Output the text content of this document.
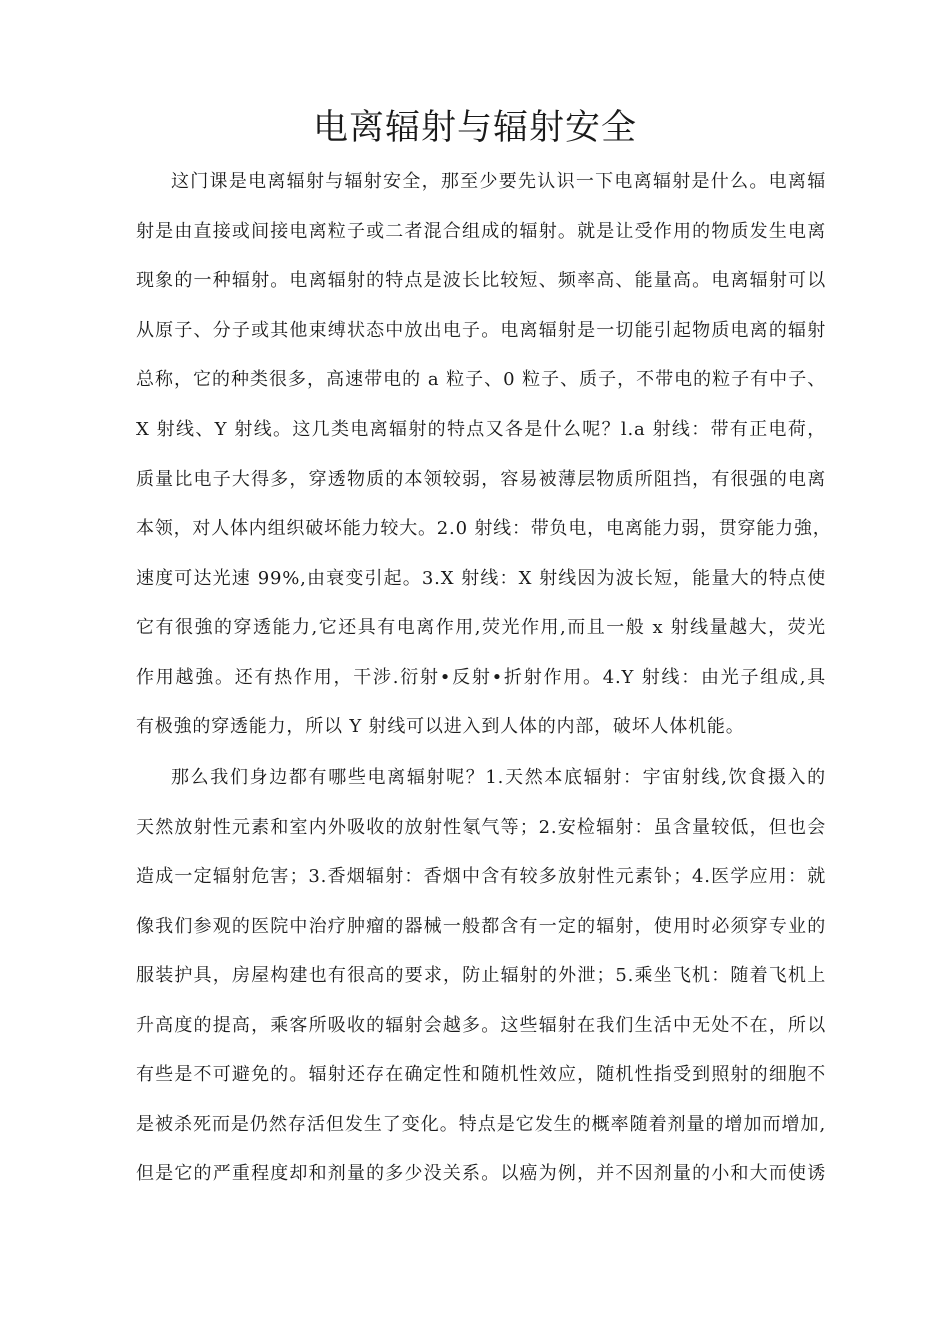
电离辐射与辐射安全
这门课是电离辐射与辐射安全，那至少要先认识一下电离辐射是什么。电离辐
射是由直接或间接电离粒子或二者混合组成的辐射。就是让受作用的物质发生电离
现象的一种辐射。电离辐射的特点是波长比较短、频率高、能量高。电离辐射可以
从原子、分子或其他束缚状态中放出电子。电离辐射是一切能引起物质电离的辐射
总称，它的种类很多，高速带电的 a 粒子、0 粒子、质子，不带电的粒子有中子、
X 射线、Y 射线。这几类电离辐射的特点又各是什么呢？l.a 射线：带有正电荷，
质量比电子大得多，穿透物质的本领较弱，容易被薄层物质所阻挡，有很强的电离
本领，对人体内组织破坏能力较大。2.0 射线：带负电，电离能力弱，贯穿能力強，
速度可达光速 99%,由衰变引起。3.X 射线：X 射线因为波长短，能量大的特点使
它有很強的穿透能力,它还具有电离作用,荧光作用,而且一般 x 射线量越大，荧光
作用越強。还有热作用，干涉.衍射•反射•折射作用。4.Y 射线：由光子组成,具
有极強的穿透能力，所以 Y 射线可以进入到人体的内部，破坏人体机能。
那么我们身边都有哪些电离辐射呢？1.天然本底辐射：宇宙射线,饮食摄入的
天然放射性元素和室内外吸收的放射性氡气等；2.安检辐射：虽含量较低，但也会
造成一定辐射危害；3.香烟辐射：香烟中含有较多放射性元素钋；4.医学应用：就
像我们参观的医院中治疗肿瘤的器械一般都含有一定的辐射，使用时必须穿专业的
服装护具，房屋构建也有很高的要求，防止辐射的外泄；5.乘坐飞机：随着飞机上
升高度的提高，乘客所吸收的辐射会越多。这些辐射在我们生活中无处不在，所以
有些是不可避免的。辐射还存在确定性和随机性效应，随机性指受到照射的细胞不
是被杀死而是仍然存活但发生了变化。特点是它发生的概率随着剂量的增加而增加,
但是它的严重程度却和剂量的多少没关系。以癌为例，并不因剂量的小和大而使诱
